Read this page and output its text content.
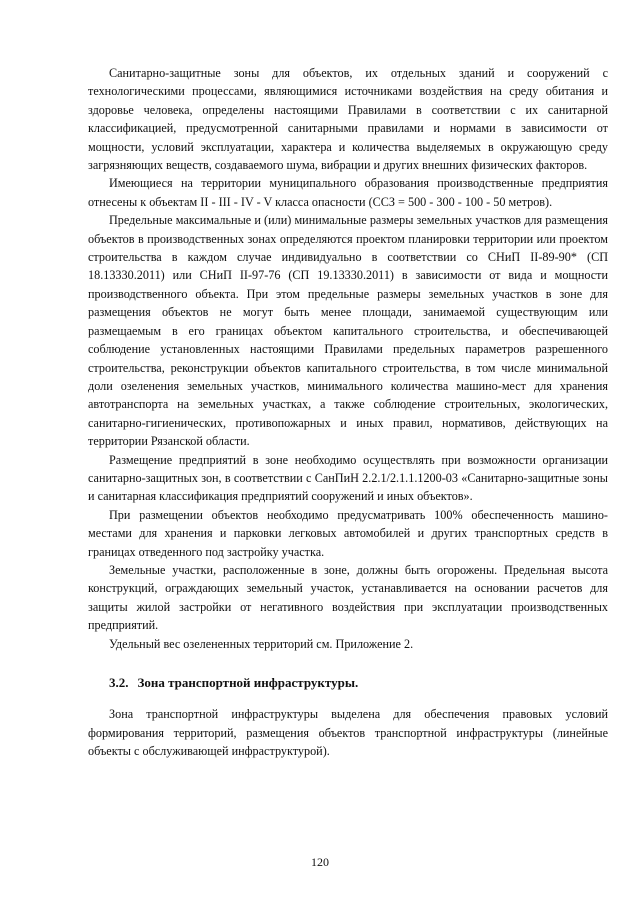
Санитарно-защитные зоны для объектов, их отдельных зданий и сооружений с технологическими процессами, являющимися источниками воздействия на среду обитания и здоровье человека, определены настоящими Правилами в соответствии с их санитарной классификацией, предусмотренной санитарными правилами и нормами в зависимости от мощности, условий эксплуатации, характера и количества выделяемых в окружающую среду загрязняющих веществ, создаваемого шума, вибрации и других внешних физических факторов.

Имеющиеся на территории муниципального образования производственные предприятия отнесены к объектам II - III - IV - V класса опасности (ССЗ = 500 - 300 - 100 - 50 метров).

Предельные максимальные и (или) минимальные размеры земельных участков для размещения объектов в производственных зонах определяются проектом планировки территории или проектом строительства в каждом случае индивидуально в соответствии со СНиП II-89-90* (СП 18.13330.2011) или СНиП II-97-76 (СП 19.13330.2011) в зависимости от вида и мощности производственного объекта. При этом предельные размеры земельных участков в зоне для размещения объектов не могут быть менее площади, занимаемой существующим или размещаемым в его границах объектом капитального строительства, и обеспечивающей соблюдение установленных настоящими Правилами предельных параметров разрешенного строительства, реконструкции объектов капитального строительства, в том числе минимальной доли озеленения земельных участков, минимального количества машино-мест для хранения автотранспорта на земельных участках, а также соблюдение строительных, экологических, санитарно-гигиенических, противопожарных и иных правил, нормативов, действующих на территории Рязанской области.

Размещение предприятий в зоне необходимо осуществлять при возможности организации санитарно-защитных зон, в соответствии с СанПиН 2.2.1/2.1.1.1200-03 «Санитарно-защитные зоны и санитарная классификация предприятий сооружений и иных объектов».

При размещении объектов необходимо предусматривать 100% обеспеченность машино-местами для хранения и парковки легковых автомобилей и других транспортных средств в границах отведенного под застройку участка.

Земельные участки, расположенные в зоне, должны быть огорожены. Предельная высота конструкций, ограждающих земельный участок, устанавливается на основании расчетов для защиты жилой застройки от негативного воздействия при эксплуатации производственных предприятий.

Удельный вес озелененных территорий см. Приложение 2.

3.2. Зона транспортной инфраструктуры.

Зона транспортной инфраструктуры выделена для обеспечения правовых условий формирования территорий, размещения объектов транспортной инфраструктуры (линейные объекты с обслуживающей инфраструктурой).

120
